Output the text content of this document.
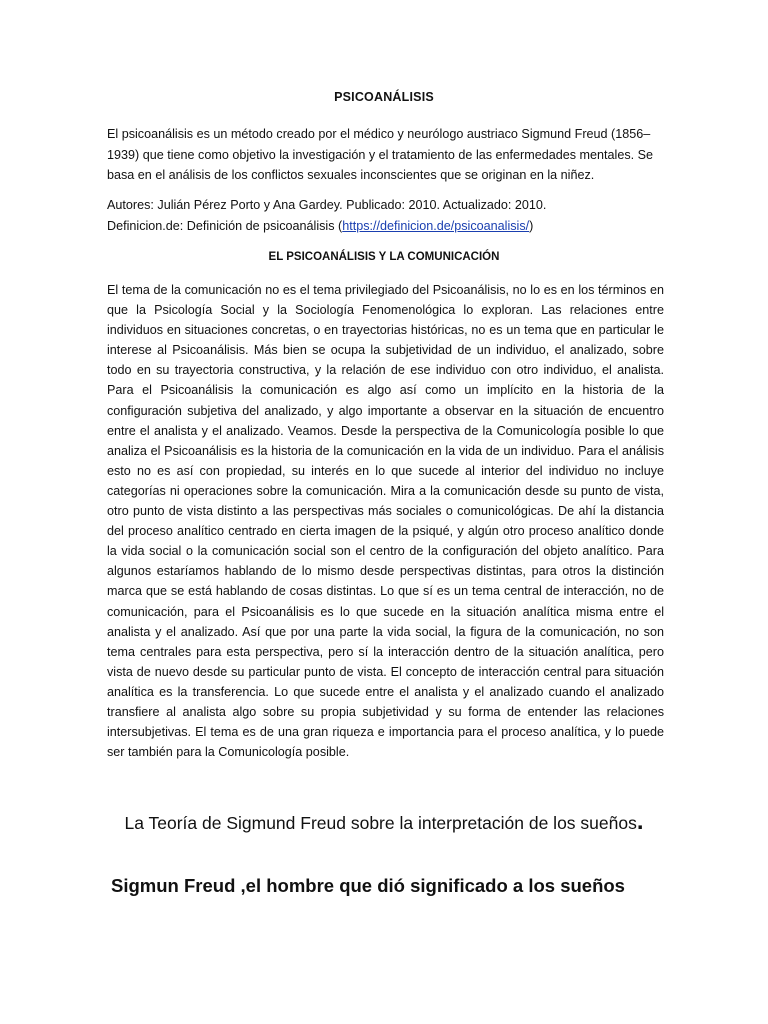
PSICOANÁLISIS
El psicoanálisis es un método creado por el médico y neurólogo austriaco Sigmund Freud (1856–1939) que tiene como objetivo la investigación y el tratamiento de las enfermedades mentales. Se basa en el análisis de los conflictos sexuales inconscientes que se originan en la niñez.
Autores: Julián Pérez Porto y Ana Gardey. Publicado: 2010. Actualizado: 2010.
Definicion.de: Definición de psicoanálisis (https://definicion.de/psicoanalisis/)
EL PSICOANÁLISIS Y LA COMUNICACIÓN
El tema de la comunicación no es el tema privilegiado del Psicoanálisis, no lo es en los términos en que la Psicología Social y la Sociología Fenomenológica lo exploran. Las relaciones entre individuos en situaciones concretas, o en trayectorias históricas, no es un tema que en particular le interese al Psicoanálisis. Más bien se ocupa la subjetividad de un individuo, el analizado, sobre todo en su trayectoria constructiva, y la relación de ese individuo con otro individuo, el analista. Para el Psicoanálisis la comunicación es algo así como un implícito en la historia de la configuración subjetiva del analizado, y algo importante a observar en la situación de encuentro entre el analista y el analizado. Veamos. Desde la perspectiva de la Comunicología posible lo que analiza el Psicoanálisis es la historia de la comunicación en la vida de un individuo. Para el análisis esto no es así con propiedad, su interés en lo que sucede al interior del individuo no incluye categorías ni operaciones sobre la comunicación. Mira a la comunicación desde su punto de vista, otro punto de vista distinto a las perspectivas más sociales o comunicológicas. De ahí la distancia del proceso analítico centrado en cierta imagen de la psiqué, y algún otro proceso analítico donde la vida social o la comunicación social son el centro de la configuración del objeto analítico. Para algunos estaríamos hablando de lo mismo desde perspectivas distintas, para otros la distinción marca que se está hablando de cosas distintas. Lo que sí es un tema central de interacción, no de comunicación, para el Psicoanálisis es lo que sucede en la situación analítica misma entre el analista y el analizado. Así que por una parte la vida social, la figura de la comunicación, no son tema centrales para esta perspectiva, pero sí la interacción dentro de la situación analítica, pero vista de nuevo desde su particular punto de vista. El concepto de interacción central para situación analítica es la transferencia. Lo que sucede entre el analista y el analizado cuando el analizado transfiere al analista algo sobre su propia subjetividad y su forma de entender las relaciones intersubjetivas. El tema es de una gran riqueza e importancia para el proceso analítica, y lo puede ser también para la Comunicología posible.
La Teoría de Sigmund Freud sobre la interpretación de los sueños.
Sigmun Freud ,el hombre que dió significado a los sueños
